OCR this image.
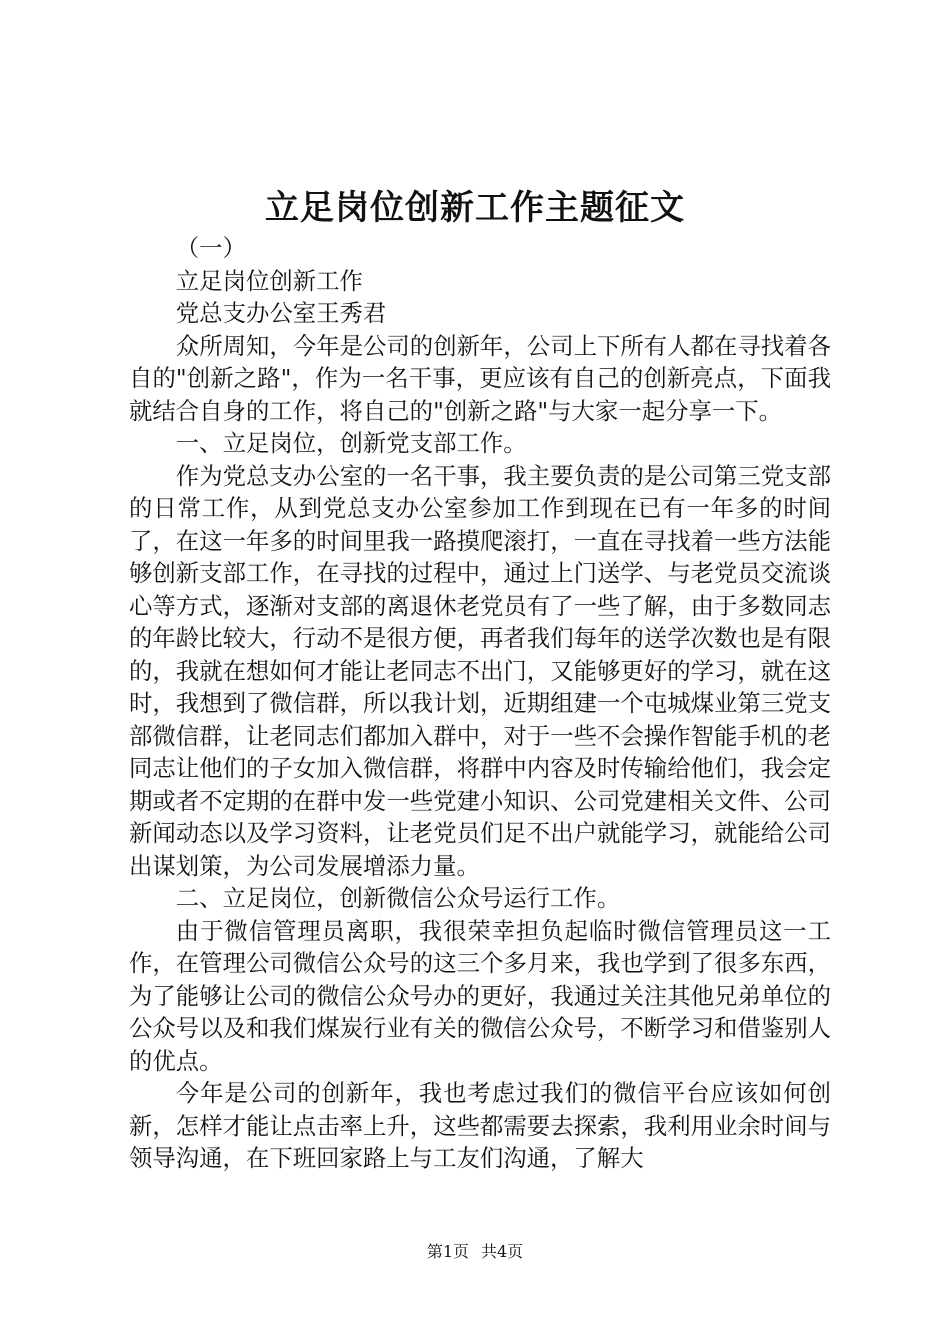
立足岗位创新工作主题征文

（一）

立足岗位创新工作

党总支办公室王秀君

众所周知，今年是公司的创新年，公司上下所有人都在寻找着各自的"创新之路"，作为一名干事，更应该有自己的创新亮点，下面我就结合自身的工作，将自己的"创新之路"与大家一起分享一下。

一、立足岗位，创新党支部工作。

作为党总支办公室的一名干事，我主要负责的是公司第三党支部的日常工作，从到党总支办公室参加工作到现在已有一年多的时间了，在这一年多的时间里我一路摸爬滚打，一直在寻找着一些方法能够创新支部工作，在寻找的过程中，通过上门送学、与老党员交流谈心等方式，逐渐对支部的离退休老党员有了一些了解，由于多数同志的年龄比较大，行动不是很方便，再者我们每年的送学次数也是有限的，我就在想如何才能让老同志不出门，又能够更好的学习，就在这时，我想到了微信群，所以我计划，近期组建一个屯城煤业第三党支部微信群，让老同志们都加入群中，对于一些不会操作智能手机的老同志让他们的子女加入微信群，将群中内容及时传输给他们，我会定期或者不定期的在群中发一些党建小知识、公司党建相关文件、公司新闻动态以及学习资料，让老党员们足不出户就能学习，就能给公司出谋划策，为公司发展增添力量。

二、立足岗位，创新微信公众号运行工作。

由于微信管理员离职，我很荣幸担负起临时微信管理员这一工作，在管理公司微信公众号的这三个多月来，我也学到了很多东西，为了能够让公司的微信公众号办的更好，我通过关注其他兄弟单位的公众号以及和我们煤炭行业有关的微信公众号，不断学习和借鉴别人的优点。

今年是公司的创新年，我也考虑过我们的微信平台应该如何创新，怎样才能让点击率上升，这些都需要去探索，我利用业余时间与领导沟通，在下班回家路上与工友们沟通，了解大

第1页 共4页
